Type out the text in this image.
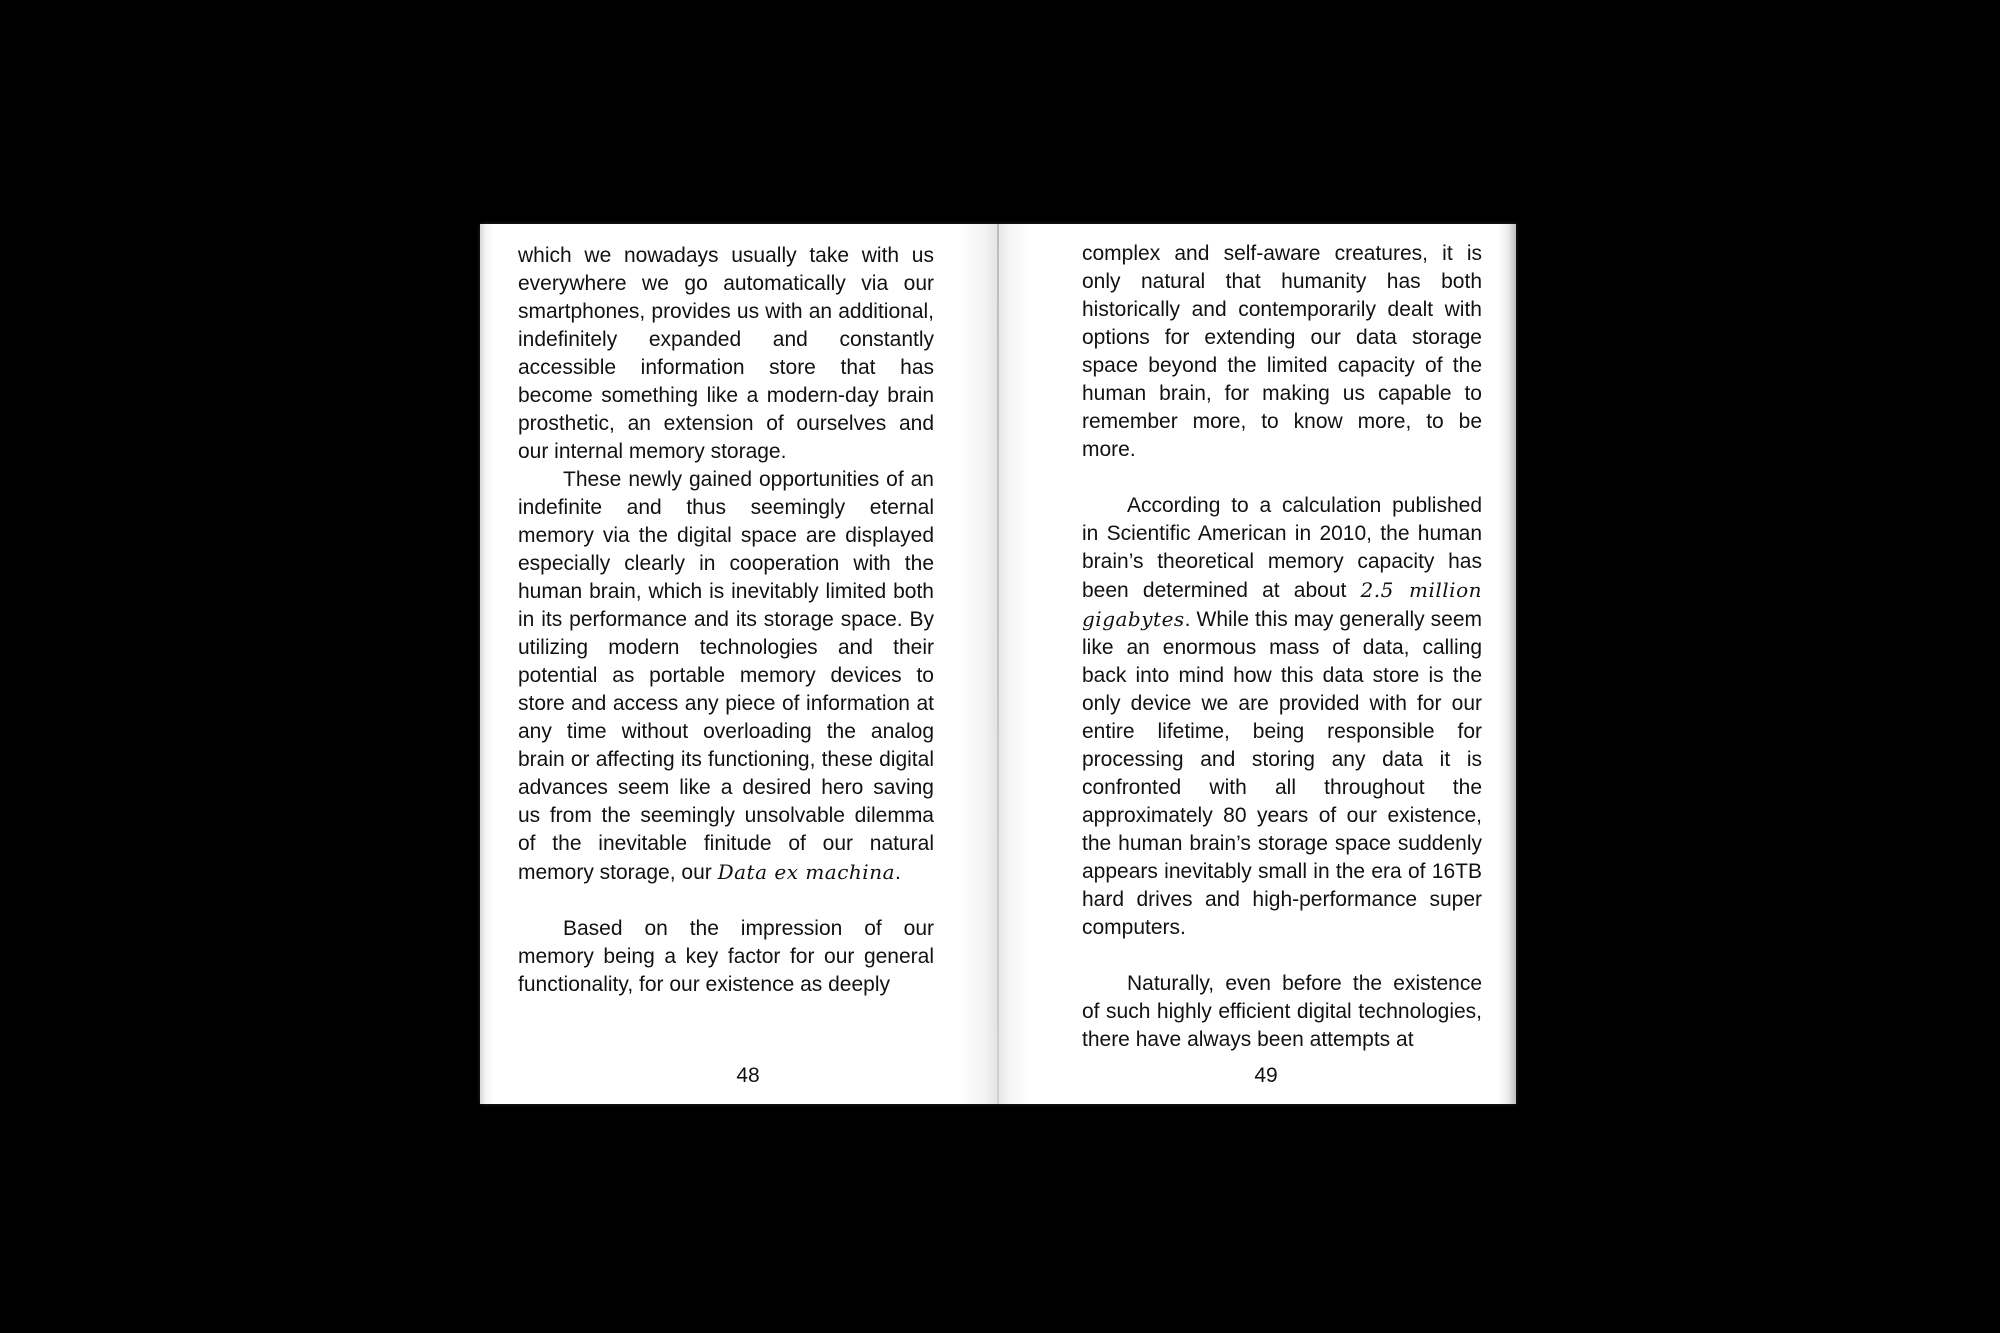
which we nowadays usually take with us everywhere we go automatically via our smartphones, provides us with an additional, indefinitely expanded and constantly accessible information store that has become something like a modern-day brain prosthetic, an extension of ourselves and our internal memory storage.

These newly gained opportunities of an indefinite and thus seemingly eternal memory via the digital space are displayed especially clearly in cooperation with the human brain, which is inevitably limited both in its performance and its storage space. By utilizing modern technologies and their potential as portable memory devices to store and access any piece of information at any time without overloading the analog brain or affecting its functioning, these digital advances seem like a desired hero saving us from the seemingly unsolvable dilemma of the inevitable finitude of our natural memory storage, our Data ex machina.

Based on the impression of our memory being a key factor for our general functionality, for our existence as deeply

48

complex and self-aware creatures, it is only natural that humanity has both historically and contemporarily dealt with options for extending our data storage space beyond the limited capacity of the human brain, for making us capable to remember more, to know more, to be more.

According to a calculation published in Scientific American in 2010, the human brain’s theoretical memory capacity has been determined at about 2.5 million gigabytes. While this may generally seem like an enormous mass of data, calling back into mind how this data store is the only device we are provided with for our entire lifetime, being responsible for processing and storing any data it is confronted with all throughout the approximately 80 years of our existence, the human brain’s storage space suddenly appears inevitably small in the era of 16TB hard drives and high-performance super computers.

Naturally, even before the existence of such highly efficient digital technologies, there have always been attempts at

49
